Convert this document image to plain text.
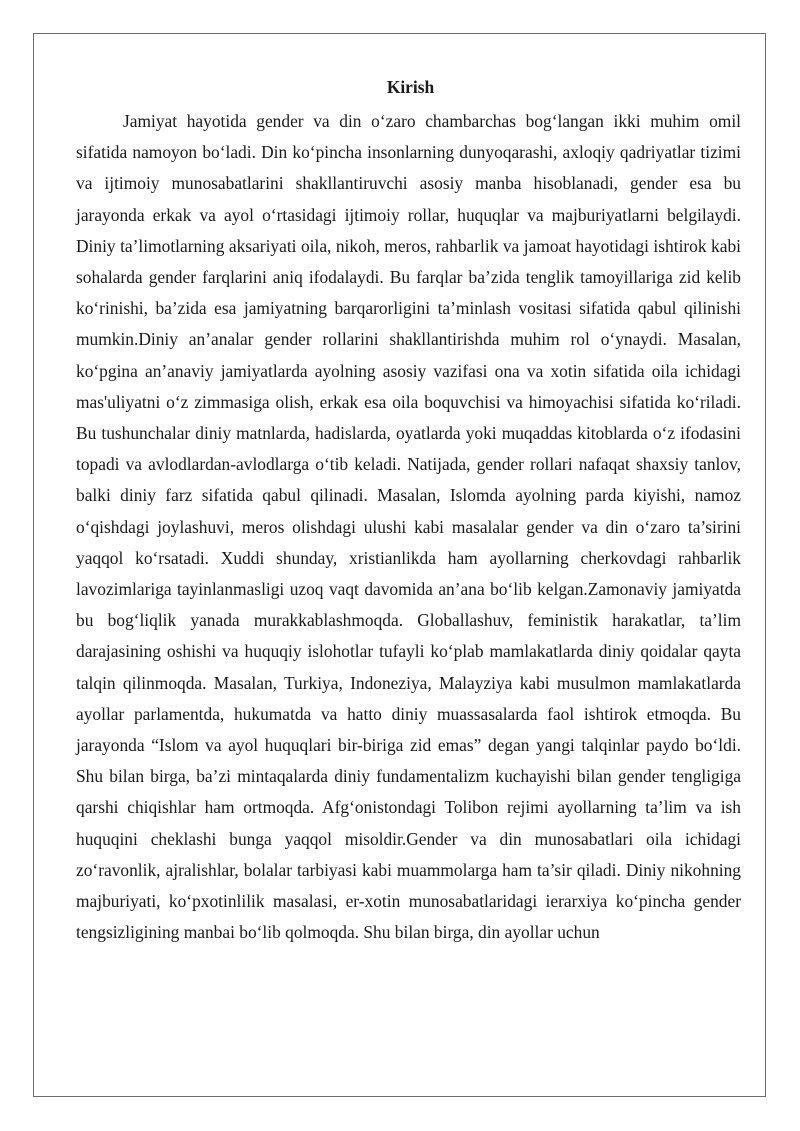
Kirish

Jamiyat hayotida gender va din o‘zaro chambarchas bog‘langan ikki muhim omil sifatida namoyon bo‘ladi. Din ko‘pincha insonlarning dunyoqarashi, axloqiy qadriyatlar tizimi va ijtimoiy munosabatlarini shakllantiruvchi asosiy manba hisoblanadi, gender esa bu jarayonda erkak va ayol o‘rtasidagi ijtimoiy rollar, huquqlar va majburiyatlarni belgilaydi. Diniy ta’limotlarning aksariyati oila, nikoh, meros, rahbarlik va jamoat hayotidagi ishtirok kabi sohalarda gender farqlarini aniq ifodalaydi. Bu farqlar ba’zida tenglik tamoyillariga zid kelib ko‘rinishi, ba’zida esa jamiyatning barqarorligini ta’minlash vositasi sifatida qabul qilinishi mumkin.Diniy an’analar gender rollarini shakllantirishda muhim rol o‘ynaydi. Masalan, ko‘pgina an’anaviy jamiyatlarda ayolning asosiy vazifasi ona va xotin sifatida oila ichidagi mas'uliyatni o‘z zimmasiga olish, erkak esa oila boquvchisi va himoyachisi sifatida ko‘riladi. Bu tushunchalar diniy matnlarda, hadislarda, oyatlarda yoki muqaddas kitoblarda o‘z ifodasini topadi va avlodlardan-avlodlarga o‘tib keladi. Natijada, gender rollari nafaqat shaxsiy tanlov, balki diniy farz sifatida qabul qilinadi. Masalan, Islomda ayolning parda kiyishi, namoz o‘qishdagi joylashuvi, meros olishdagi ulushi kabi masalalar gender va din o‘zaro ta’sirini yaqqol ko‘rsatadi. Xuddi shunday, xristianlikda ham ayollarning cherkovdagi rahbarlik lavozimlariga tayinlanmasligi uzoq vaqt davomida an’ana bo‘lib kelgan.Zamonaviy jamiyatda bu bog‘liqlik yanada murakkablashmoqda. Globallashuv, feministik harakatlar, ta’lim darajasining oshishi va huquqiy islohotlar tufayli ko‘plab mamlakatlarda diniy qoidalar qayta talqin qilinmoqda. Masalan, Turkiya, Indoneziya, Malayziya kabi musulmon mamlakatlarda ayollar parlamentda, hukumatda va hatto diniy muassasalarda faol ishtirok etmoqda. Bu jarayonda “Islom va ayol huquqlari bir-biriga zid emas” degan yangi talqinlar paydo bo‘ldi. Shu bilan birga, ba’zi mintaqalarda diniy fundamentalizm kuchayishi bilan gender tengligiga qarshi chiqishlar ham ortmoqda. Afg‘onistondagi Tolibon rejimi ayollarning ta’lim va ish huquqini cheklashi bunga yaqqol misoldir.Gender va din munosabatlari oila ichidagi zo‘ravonlik, ajralishlar, bolalar tarbiyasi kabi muammolarga ham ta’sir qiladi. Diniy nikohning majburiyati, ko‘pxotinlilik masalasi, er-xotin munosabatlaridagi ierarxiya ko‘pincha gender tengsizligining manbai bo‘lib qolmoqda. Shu bilan birga, din ayollar uchun
